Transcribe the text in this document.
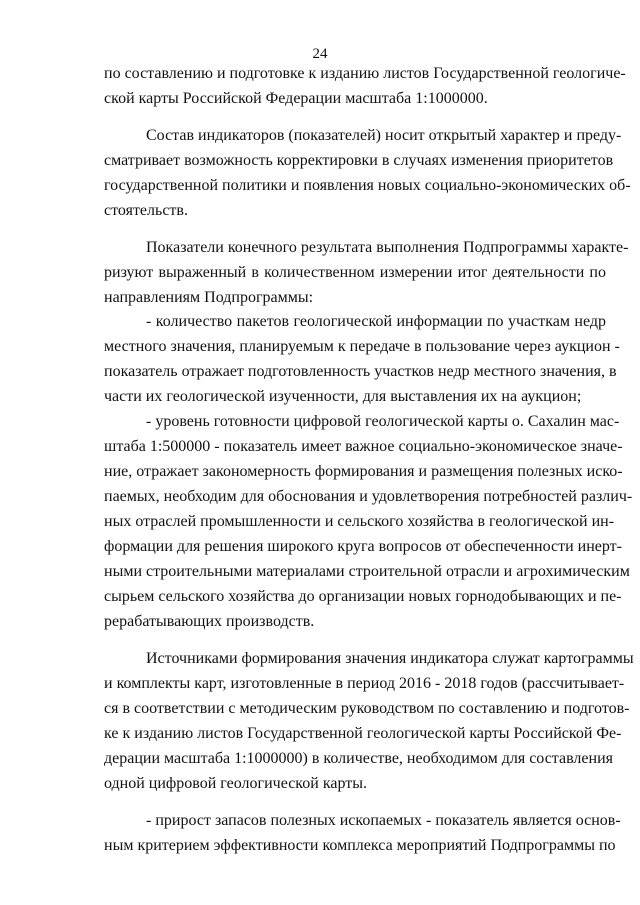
24
по составлению и подготовке к изданию листов Государственной геологиче-
ской карты Российской Федерации масштаба 1:1000000.
Состав индикаторов (показателей) носит открытый характер и преду-
сматривает возможность корректировки в случаях изменения приоритетов
государственной политики и появления новых социально-экономических об-
стоятельств.
Показатели конечного результата выполнения Подпрограммы характе-
ризуют выраженный в количественном измерении итог деятельности по
направлениям Подпрограммы:
- количество пакетов геологической информации по участкам недр
местного значения, планируемым к передаче в пользование через аукцион -
показатель отражает подготовленность участков недр местного значения, в
части их геологической изученности, для выставления их на аукцион;
- уровень готовности цифровой геологической карты о. Сахалин мас-
штаба 1:500000 - показатель имеет важное социально-экономическое значе-
ние, отражает закономерность формирования и размещения полезных иско-
паемых, необходим для обоснования и удовлетворения потребностей различ-
ных отраслей промышленности и сельского хозяйства в геологической ин-
формации для решения широкого круга вопросов от обеспеченности инерт-
ными строительными материалами строительной отрасли и агрохимическим
сырьем сельского хозяйства до организации новых горнодобывающих и пе-
рерабатывающих производств.
Источниками формирования значения индикатора служат картограммы
и комплекты карт, изготовленные в период 2016 - 2018 годов (рассчитывает-
ся в соответствии с методическим руководством по составлению и подготов-
ке к изданию листов Государственной геологической карты Российской Фе-
дерации масштаба 1:1000000) в количестве, необходимом для составления
одной цифровой геологической карты.
- прирост запасов полезных ископаемых - показатель является основ-
ным критерием эффективности комплекса мероприятий Подпрограммы по
